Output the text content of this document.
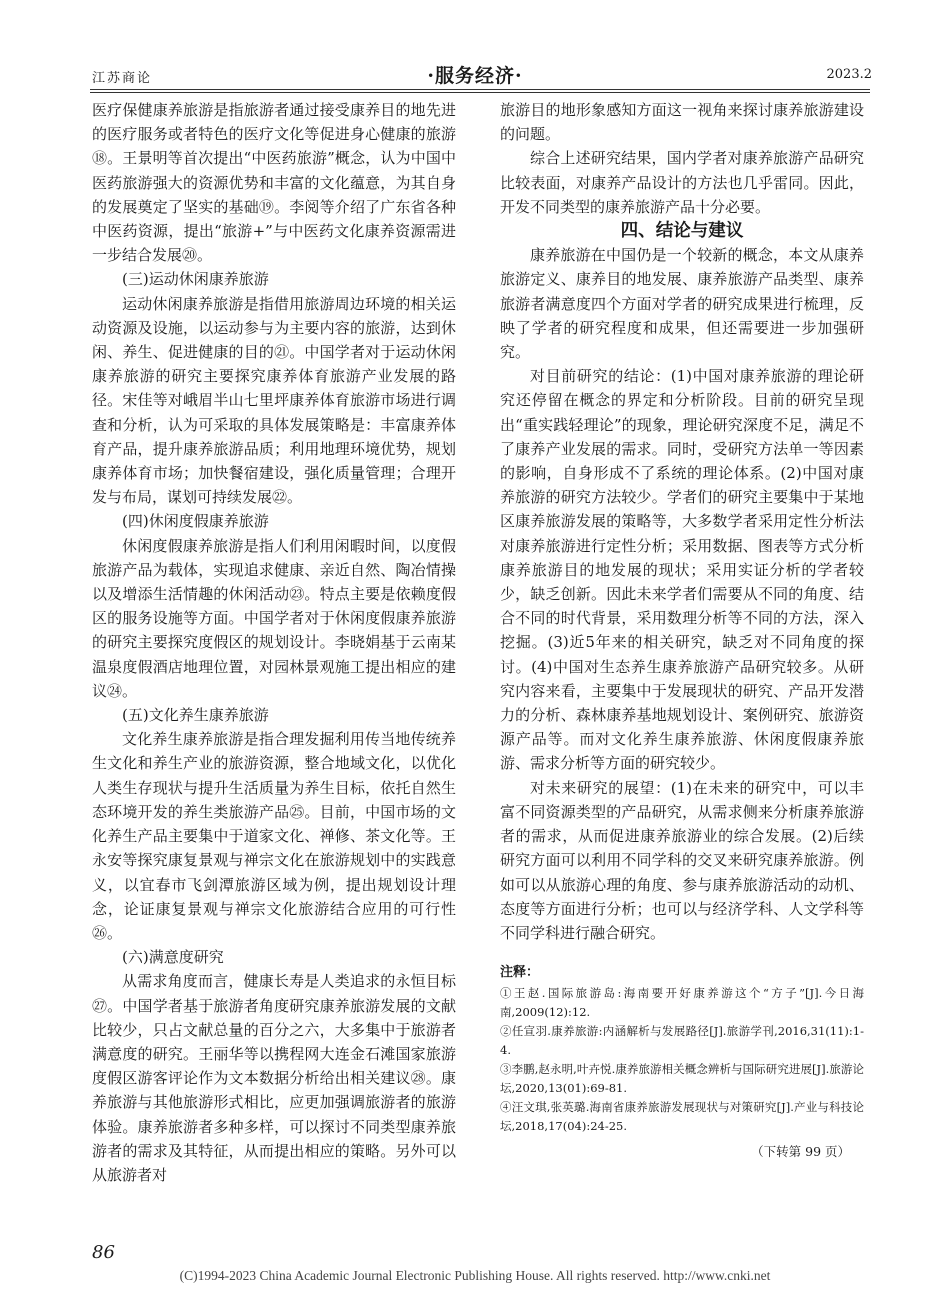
江苏商论	·服务经济·	2023.2

医疗保健康养旅游是指旅游者通过接受康养目的地先进的医疗服务或者特色的医疗文化等促进身心健康的旅游⑱。王景明等首次提出“中医药旅游”概念，认为中国中医药旅游强大的资源优势和丰富的文化蕴意，为其自身的发展奠定了坚实的基础⑲。李阅等介绍了广东省各种中医药资源，提出“旅游+”与中医药文化康养资源需进一步结合发展⑳。

(三)运动休闲康养旅游

运动休闲康养旅游是指借用旅游周边环境的相关运动资源及设施，以运动参与为主要内容的旅游，达到休闲、养生、促进健康的目的㉑。中国学者对于运动休闲康养旅游的研究主要探究康养体育旅游产业发展的路径。宋佳等对峨眉半山七里坪康养体育旅游市场进行调查和分析，认为可采取的具体发展策略是：丰富康养体育产品，提升康养旅游品质；利用地理环境优势，规划康养体育市场；加快餐宿建设，强化质量管理；合理开发与布局，谋划可持续发展㉒。

(四)休闲度假康养旅游

休闲度假康养旅游是指人们利用闲暇时间，以度假旅游产品为载体，实现追求健康、亲近自然、陶冶情操以及增添生活情趣的休闲活动㉓。特点主要是依赖度假区的服务设施等方面。中国学者对于休闲度假康养旅游的研究主要探究度假区的规划设计。李晓娟基于云南某温泉度假酒店地理位置，对园林景观施工提出相应的建议㉔。

(五)文化养生康养旅游

文化养生康养旅游是指合理发掘利用传当地传统养生文化和养生产业的旅游资源，整合地域文化，以优化人类生存现状与提升生活质量为养生目标，依托自然生态环境开发的养生类旅游产品㉕。目前，中国市场的文化养生产品主要集中于道家文化、禅修、茶文化等。王永安等探究康复景观与禅宗文化在旅游规划中的实践意义，以宜春市飞剑潭旅游区域为例，提出规划设计理念，论证康复景观与禅宗文化旅游结合应用的可行性㉖。

(六)满意度研究

从需求角度而言，健康长寿是人类追求的永恒目标㉗。中国学者基于旅游者角度研究康养旅游发展的文献比较少，只占文献总量的百分之六，大多集中于旅游者满意度的研究。王丽华等以携程网大连金石滩国家旅游度假区游客评论作为文本数据分析给出相关建议㉘。康养旅游与其他旅游形式相比，应更加强调旅游者的旅游体验。康养旅游者多种多样，可以探讨不同类型康养旅游者的需求及其特征，从而提出相应的策略。另外可以从旅游者对

旅游目的地形象感知方面这一视角来探讨康养旅游建设的问题。

综合上述研究结果，国内学者对康养旅游产品研究比较表面，对康养产品设计的方法也几乎雷同。因此，开发不同类型的康养旅游产品十分必要。

四、结论与建议

康养旅游在中国仍是一个较新的概念，本文从康养旅游定义、康养目的地发展、康养旅游产品类型、康养旅游者满意度四个方面对学者的研究成果进行梳理，反映了学者的研究程度和成果，但还需要进一步加强研究。

对目前研究的结论：(1)中国对康养旅游的理论研究还停留在概念的界定和分析阶段。目前的研究呈现出“重实践轻理论”的现象，理论研究深度不足，满足不了康养产业发展的需求。同时，受研究方法单一等因素的影响，自身形成不了系统的理论体系。(2)中国对康养旅游的研究方法较少。学者们的研究主要集中于某地区康养旅游发展的策略等，大多数学者采用定性分析法对康养旅游进行定性分析；采用数据、图表等方式分析康养旅游目的地发展的现状；采用实证分析的学者较少，缺乏创新。因此未来学者们需要从不同的角度、结合不同的时代背景，采用数理分析等不同的方法，深入挖掘。(3)近5年来的相关研究，缺乏对不同角度的探讨。(4)中国对生态养生康养旅游产品研究较多。从研究内容来看，主要集中于发展现状的研究、产品开发潜力的分析、森林康养基地规划设计、案例研究、旅游资源产品等。而对文化养生康养旅游、休闲度假康养旅游、需求分析等方面的研究较少。

对未来研究的展望：(1)在未来的研究中，可以丰富不同资源类型的产品研究，从需求侧来分析康养旅游者的需求，从而促进康养旅游业的综合发展。(2)后续研究方面可以利用不同学科的交叉来研究康养旅游。例如可以从旅游心理的角度、参与康养旅游活动的动机、态度等方面进行分析；也可以与经济学科、人文学科等不同学科进行融合研究。

注释：

①王赵.国际旅游岛:海南要开好康养游这个“方子”[J].今日海南,2009(12):12.

②任宣羽.康养旅游:内涵解析与发展路径[J].旅游学刊,2016,31(11):1-4.

③李鹏,赵永明,叶卉悦.康养旅游相关概念辨析与国际研究进展[J].旅游论坛,2020,13(01):69-81.

④汪文琪,张英璐.海南省康养旅游发展现状与对策研究[J].产业与科技论坛,2018,17(04):24-25.

（下转第 99 页）
86
(C)1994-2023 China Academic Journal Electronic Publishing House. All rights reserved. http://www.cnki.net
